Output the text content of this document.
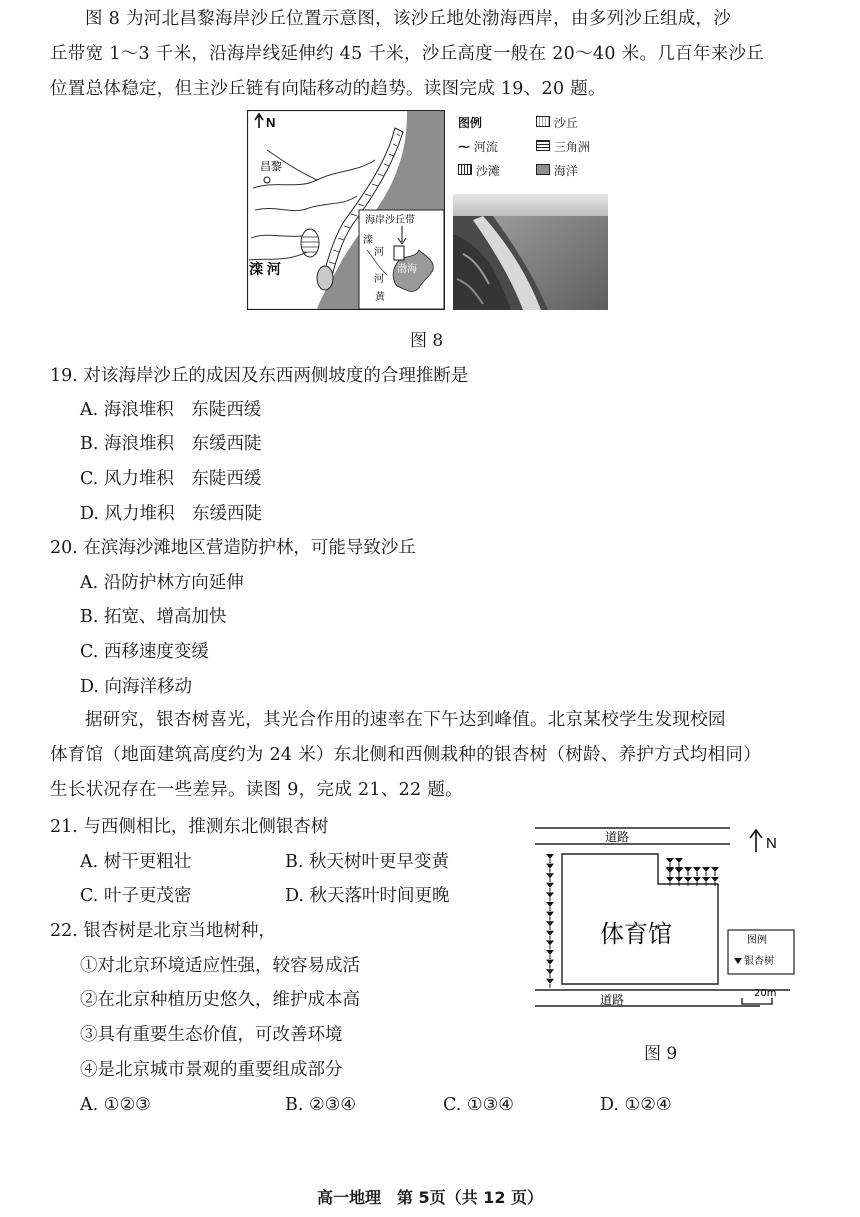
图 8 为河北昌黎海岸沙丘位置示意图，该沙丘地处渤海西岸，由多列沙丘组成，沙
丘带宽 1～3 千米，沿海岸线延伸约 45 千米，沙丘高度一般在 20～40 米。几百年来沙丘
位置总体稳定，但主沙丘链有向陆移动的趋势。读图完成 19、20 题。
N
昌黎
滦 河
海岸沙丘带
滦
河
河
渤海
黄
图例	沙丘
⁓ 河流	三角洲
沙滩	海洋
图 8
19. 对该海岸沙丘的成因及东西两侧坡度的合理推断是
A. 海浪堆积　东陡西缓
B. 海浪堆积　东缓西陡
C. 风力堆积　东陡西缓
D. 风力堆积　东缓西陡
20. 在滨海沙滩地区营造防护林，可能导致沙丘
A. 沿防护林方向延伸
B. 拓宽、增高加快
C. 西移速度变缓
D. 向海洋移动
据研究，银杏树喜光，其光合作用的速率在下午达到峰值。北京某校学生发现校园
体育馆（地面建筑高度约为 24 米）东北侧和西侧栽种的银杏树（树龄、养护方式均相同）
生长状况存在一些差异。读图 9，完成 21、22 题。
21. 与西侧相比，推测东北侧银杏树
A. 树干更粗壮	B. 秋天树叶更早变黄
C. 叶子更茂密	D. 秋天落叶时间更晚
22. 银杏树是北京当地树种，
①对北京环境适应性强，较容易成活
②在北京种植历史悠久，维护成本高
③具有重要生态价值，可改善环境
④是北京城市景观的重要组成部分
A. ①②③	B. ②③④	C. ①③④	D. ①②④
道路
道路
体育馆
N
图例
银杏树
20m
图 9
高一地理　第 5页（共 12 页）
